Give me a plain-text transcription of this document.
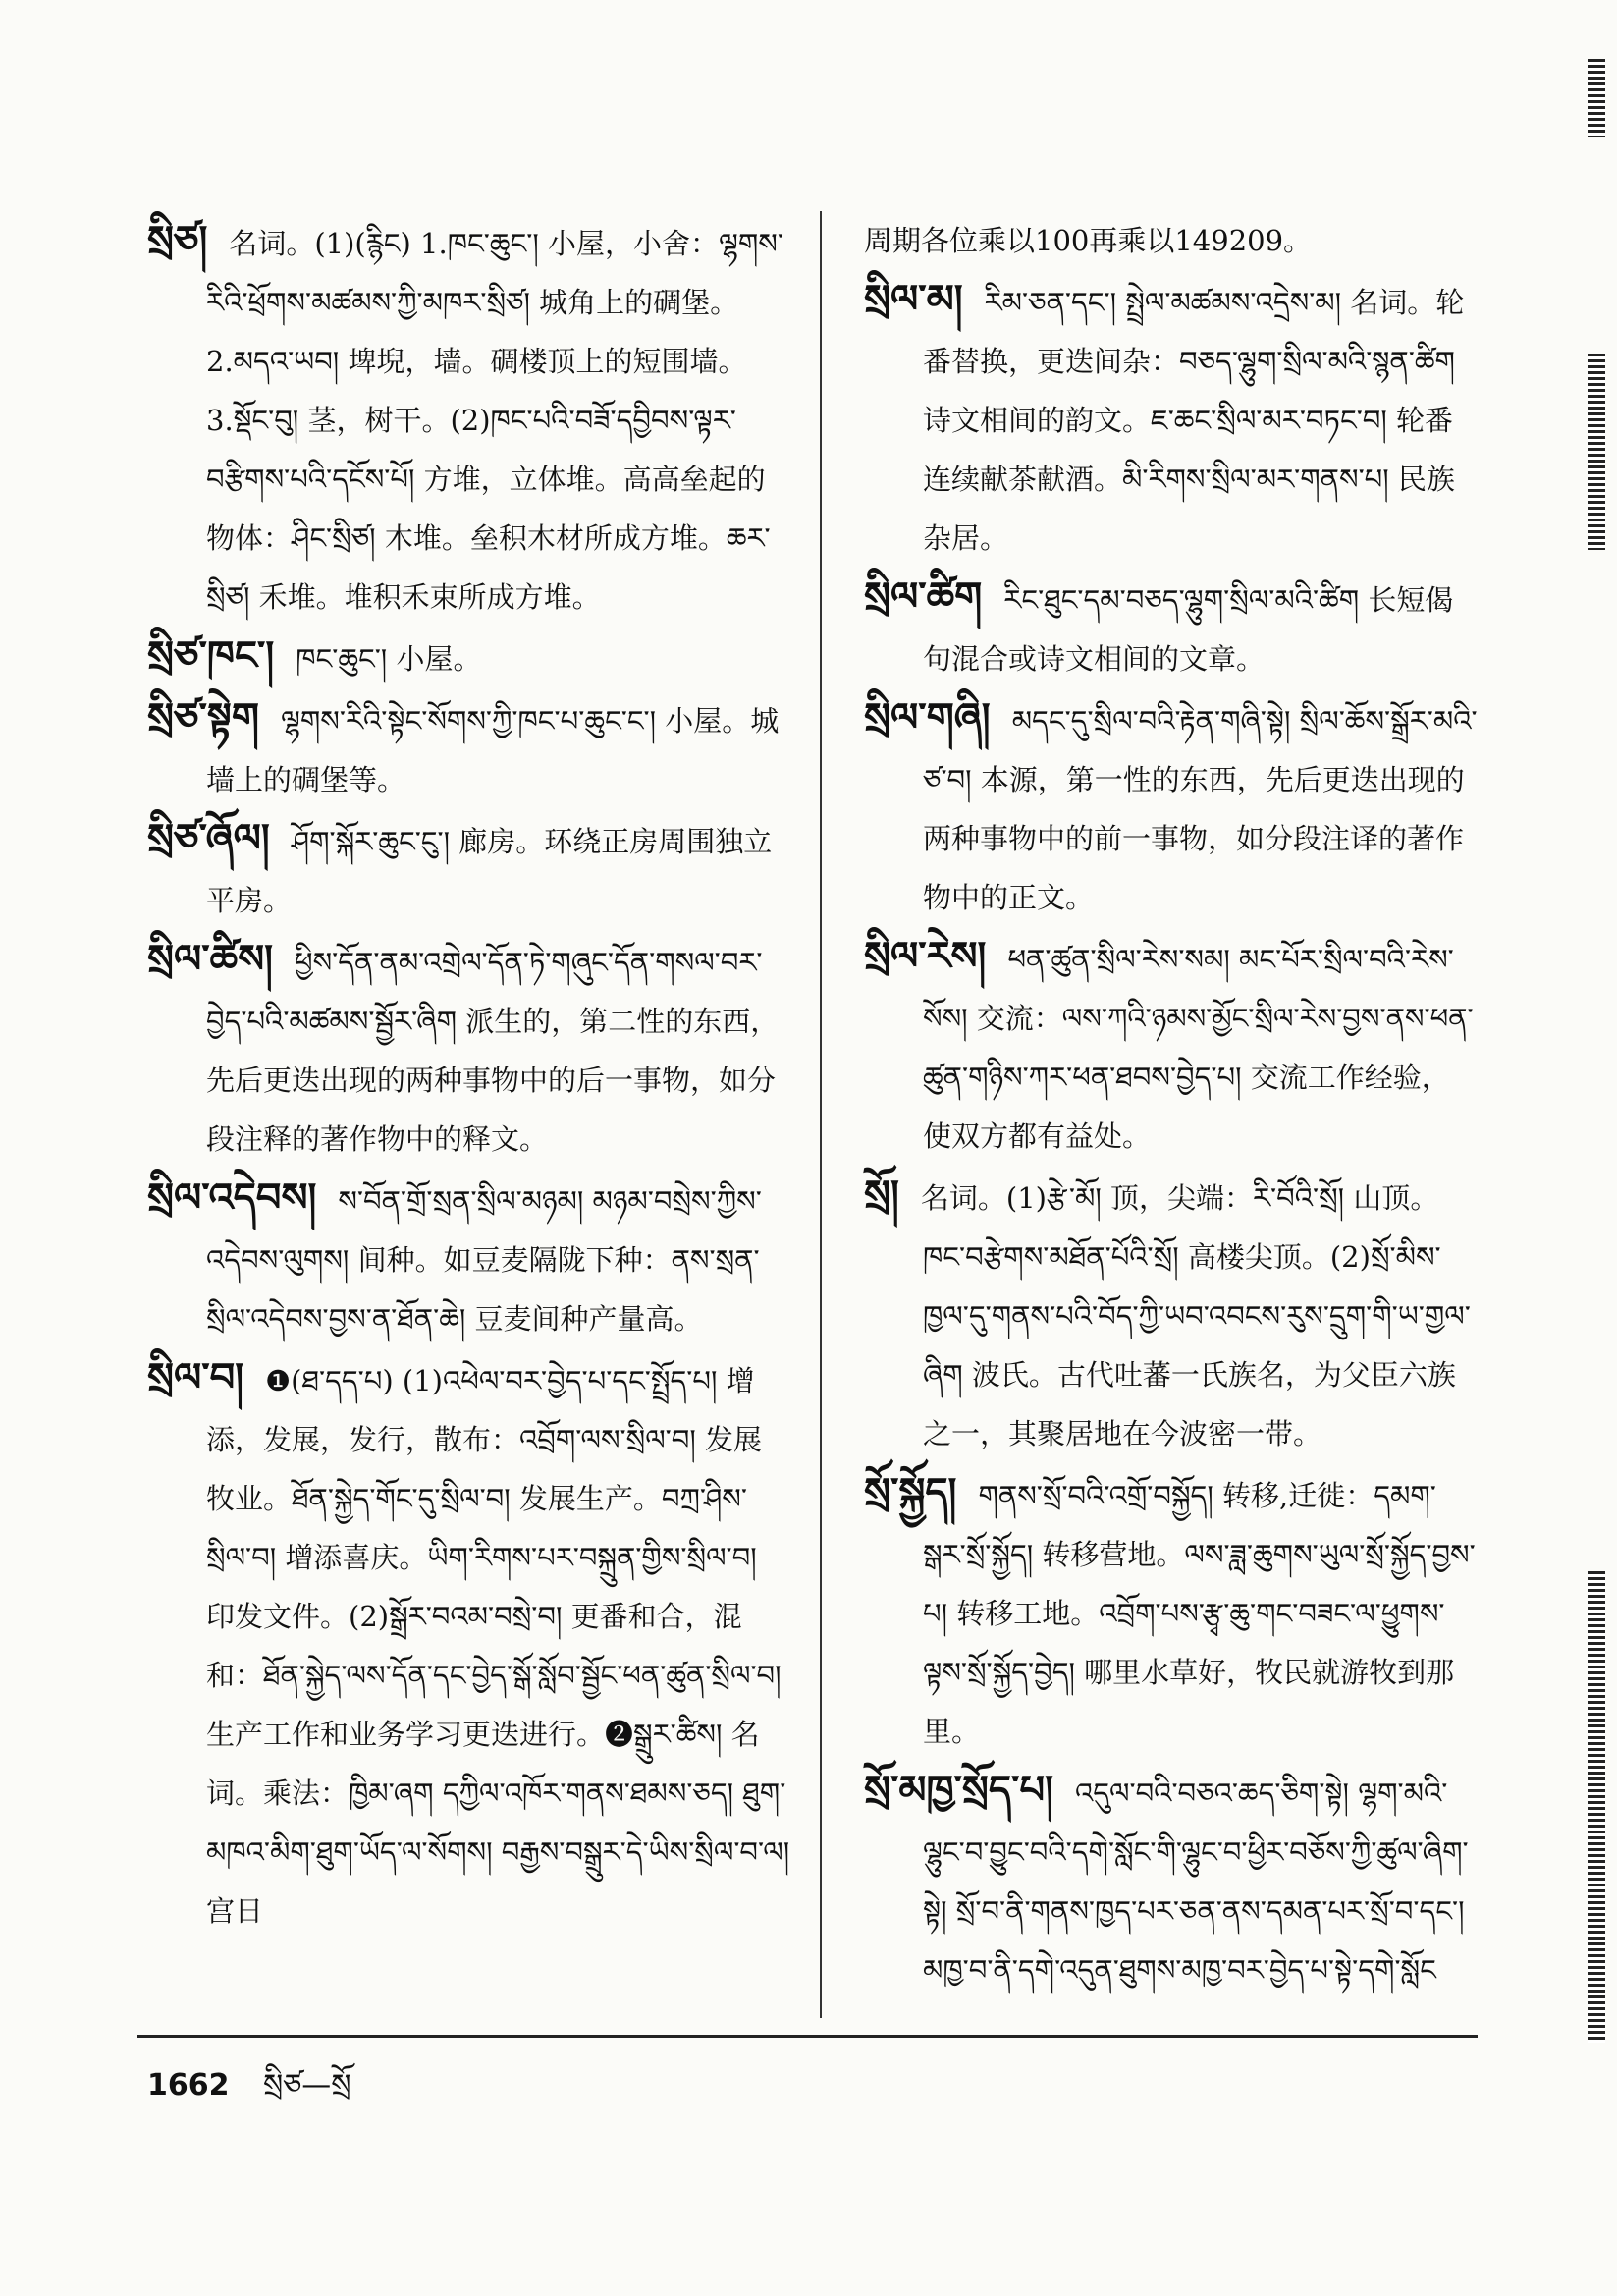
སྲིཙ། 名词。(1)(རྙིང) 1.ཁང་ཆུང་། 小屋，小舍：ལྷགས་རིའི་ཕྲོགས་མཚམས་ཀྱི་མཁར་སྲིཙ། 城角上的碉堡。2.མདའ་ཡབ། 埤堄，墙。碉楼顶上的短围墙。3.སྡོང་བུ། 茎，树干。(2)ཁང་པའི་བཟོ་དབྱིབས་ལྟར་བརྩིགས་པའི་དངོས་པོ། 方堆，立体堆。高高垒起的物体：ཤིང་སྲིཙ། 木堆。垒积木材所成方堆。ཆར་སྲིཙ། 禾堆。堆积禾束所成方堆。

སྲིཙ་ཁང་། ཁང་ཆུང་། 小屋。

སྲིཙ་སྟེག ལྷགས་རིའི་སྟེང་སོགས་ཀྱི་ཁང་པ་ཆུང་ང་། 小屋。城墙上的碉堡等。

སྲིཙ་ཞོལ། ཤོག་སྐོར་ཆུང་ངུ་། 廊房。环绕正房周围独立平房。

སྲིལ་ཚིས། ཕྱིས་དོན་ནམ་འགྲེལ་དོན་ཏེ་གཞུང་དོན་གསལ་བར་བྱེད་པའི་མཚམས་སྦྱོར་ཞིག 派生的，第二性的东西，先后更迭出现的两种事物中的后一事物，如分段注释的著作物中的释文。

སྲིལ་འདེབས། ས་བོན་གྲོ་སྲན་སྲིལ་མཉམ། མཉམ་བསྲེས་ཀྱིས་འདེབས་ལུགས། 间种。如豆麦隔陇下种：ནས་སྲན་སྲིལ་འདེབས་བྱས་ན་ཐོན་ཆེ། 豆麦间种产量高。

སྲིལ་བ། ❶(ཐ་དད་པ) (1)འཕེལ་བར་བྱེད་པ་དང་སྤྲོད་པ། 增添，发展，发行，散布：འབྲོག་ལས་སྲིལ་བ། 发展牧业。ཐོན་སྐྱེད་གོང་དུ་སྲིལ་བ། 发展生产。བཀྲ་ཤིས་སྲིལ་བ། 增添喜庆。ཡིག་རིགས་པར་བསྐྲུན་གྱིས་སྲིལ་བ། 印发文件。(2)སྒྲོར་བའམ་བསྲེ་བ། 更番和合，混和：ཐོན་སྐྱེད་ལས་དོན་དང་བྱེད་སྒོ་སློབ་སྦྱོང་ཕན་ཚུན་སྲིལ་བ། 生产工作和业务学习更迭进行。❷སྒྲུར་ཚིས། 名词。乘法：ཁྱིམ་ཞག དཀྱིལ་འཁོར་གནས་ཐམས་ཅད། ཐུག་མཁའ་མིག་ཐུག་ཡོད་ལ་སོགས། བརྒྱས་བསྒྲུར་དེ་ཡིས་སྲིལ་བ་ལ། 宫日

周期各位乘以100再乘以149209。

སྲིལ་མ། རིམ་ཅན་དང་། སྤྲེལ་མཚམས་འདྲེས་མ། 名词。轮番替换，更迭间杂：བཅད་ལྷུག་སྲིལ་མའི་སྙན་ཚིག 诗文相间的韵文。ཇ་ཆང་སྲིལ་མར་བཏང་བ། 轮番连续献茶献酒。མི་རིགས་སྲིལ་མར་གནས་པ། 民族杂居。

སྲིལ་ཚིག རིང་ཐུང་དམ་བཅད་ལྷུག་སྲིལ་མའི་ཚིག 长短偈句混合或诗文相间的文章。

སྲིལ་གཞི། མདང་དུ་སྲིལ་བའི་རྟེན་གཞི་སྟེ། སྲིལ་ཆོས་སྒྲོར་མའི་ཙ་བ། 本源，第一性的东西，先后更迭出现的两种事物中的前一事物，如分段注译的著作物中的正文。

སྲིལ་རེས། ཕན་ཚུན་སྲིལ་རེས་སམ། མང་པོར་སྲིལ་བའི་རེས་སོས། 交流：ལས་ཀའི་ཉམས་མྱོང་སྲིལ་རེས་བྱས་ནས་ཕན་ཚུན་གཉིས་ཀར་ཕན་ཐབས་བྱེད་པ། 交流工作经验，使双方都有益处。

སྲོ། 名词。(1)རྩེ་མོ། 顶，尖端：རི་བོའི་སྲོ། 山顶。ཁང་བརྩེགས་མཐོན་པོའི་སྲོ། 高楼尖顶。(2)སྲོ་མིས་ཁྱལ་དུ་གནས་པའི་བོད་ཀྱི་ཡབ་འབངས་རུས་དྲུག་གི་ཡ་གྱལ་ཞིག 波氏。古代吐蕃一氏族名，为父臣六族之一，其聚居地在今波密一带。

སྲོ་སྐྱོད། གནས་སྲོ་བའི་འགྲོ་བསྐྱོད། 转移,迁徙：དམག་སྒར་སྲོ་སྐྱོད། 转移营地。ལས་ཟླ་ཆུགས་ཡུལ་སྲོ་སྐྱོད་བྱས་པ། 转移工地。འབྲོག་པས་རྩྭ་ཆུ་གང་བཟང་ལ་ཕྱུགས་ལྟས་སྲོ་སྐྱོད་བྱེད། 哪里水草好，牧民就游牧到那里。

སྲོ་མཁྱ་སྲོད་པ། འདུལ་བའི་བཅའ་ཆད་ཅིག་སྟེ། ལྷག་མའི་ལྷུང་བ་བྱུང་བའི་དགེ་སློང་གི་ལྷུང་བ་ཕྱིར་བཅོས་ཀྱི་ཚུལ་ཞིག་སྟེ། སྲོ་བ་ནི་གནས་ཁྱད་པར་ཅན་ནས་དམན་པར་སྲོ་བ་དང་། མཁྱ་བ་ནི་དགེ་འདུན་ཐུགས་མཁྱ་བར་བྱེད་པ་སྟེ་དགེ་སློང

1662 སྲིཙ—སྲོ
